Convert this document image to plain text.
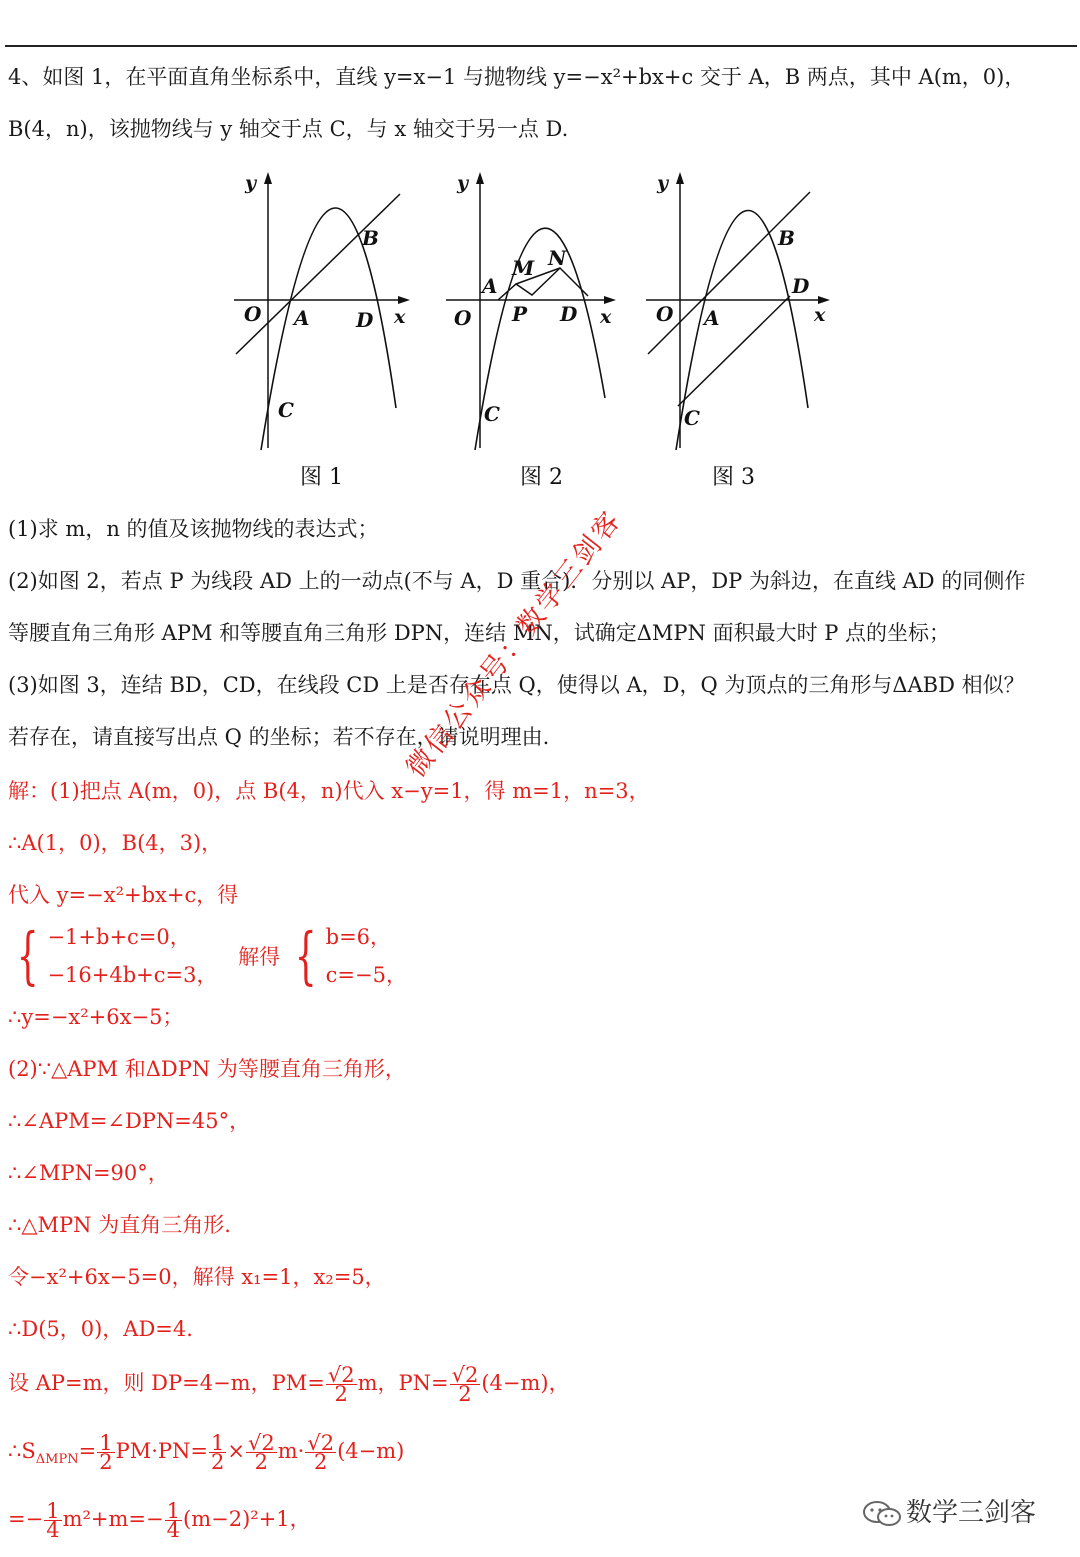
4、如图 1，在平面直角坐标系中，直线 y=x−1 与抛物线 y=−x²+bx+c 交于 A，B 两点，其中 A(m，0)，
B(4，n)，该抛物线与 y 轴交于点 C，与 x 轴交于另一点 D.
y
x
O A
B
D
C
图 1
y
x
O
A
M N
P D
C
图 2
y
x
O A
B
D
C
图 3
(1)求 m，n 的值及该抛物线的表达式；
(2)如图 2，若点 P 为线段 AD 上的一动点(不与 A，D 重合)．分别以 AP，DP 为斜边，在直线 AD 的同侧作
等腰直角三角形 APM 和等腰直角三角形 DPN，连结 MN，试确定ΔMPN 面积最大时 P 点的坐标；
(3)如图 3，连结 BD，CD，在线段 CD 上是否存在点 Q，使得以 A，D，Q 为顶点的三角形与ΔABD 相似？
若存在，请直接写出点 Q 的坐标；若不存在，请说明理由.
解：(1)把点 A(m，0)，点 B(4，n)代入 x−y=1，得 m=1，n=3，
∴A(1，0)，B(4，3)，
代入 y=−x²+bx+c，得
{ −1+b+c=0，
−16+4b+c=3，
解得 { b=6，
c=−5，
∴y=−x²+6x−5；
(2)∵△APM 和ΔDPN 为等腰直角三角形，
∴∠APM=∠DPN=45°，
∴∠MPN=90°，
∴△MPN 为直角三角形.
令−x²+6x−5=0，解得 x₁=1，x₂=5，
∴D(5，0)，AD=4.
设 AP=m，则 DP=4−m，$PM= \frac{√2}{2}$ m，$PN= \frac{√2}{2} (4-m)$，
$\therefore S_{\Delta MPN}= \frac{1}{2} PM\cdot PN= \frac{1}{2} \times \frac{√2}{2} m\cdot \frac{√2}{2} (4-m)$
=− $\frac{1}{4} m^2+m=- \frac{1}{4} (m-2)^2+1$，
微信公众号：数学三剑客
数学三剑客
